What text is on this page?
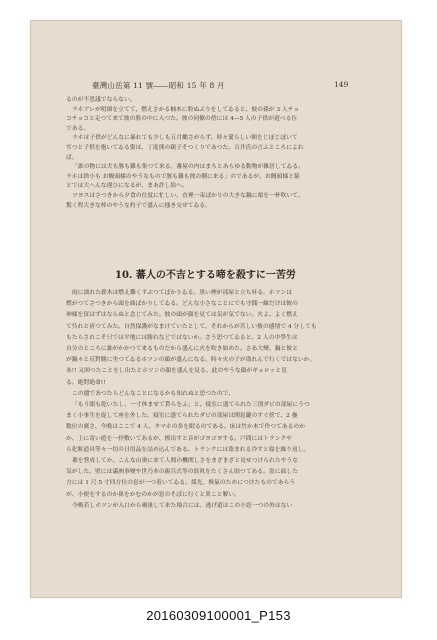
臺灣山岳第 11 號――昭和 15 年 8 月	149

るのが不思議でならない。

ラホアレが明細を立てて、燃えさかる柚木に股ぬぶりをしてゐると、彼の孫が 3 人チョ

コチョコと走つて来て彼の股の中に入つた。彼の同僚の傍には 4―5 人の子供が遊べる位

である。

ラホは子供がどんなに暴れても少しも五月蝿さがらず、時々愛らしい額をじぼじぼいて

ぢつと子供を抱いてゐる姿は、丁度熊の親子そつくりであつた。吉井氏の言ふところによれ

ば、

「誰の物には犬も豚も雞も集つて来る。蕃屋の内はまちとあらゆる動物が雑居してゐる。

ラホは捨小も お饅頭様のやうなもので豚も雞も彼の側に来る」のであるが、お饅頭様と猿

とでは大へんな違ひになるが、まあ許し給へ。

ツヨスはさつきから夕食の仕度に忙しい。直裡一束ばかりの大きな鍋に栗を一杯吹いて、

驚く程大きな棒のやうな杓子で盛んに搔き交ぜてゐる。

10. 蕃人の不吉とする啼を殺すに一苦労

雨に濡れた薪木は燃え難くすぶつてばかりゐる。黒い煙が部屋と立ち昇る。ホツンは

燃がつてさつきから頭を曲ばかりしてゐる。どんな小さなことにでも守銭一線だけは彼の

神様を買はずはならぬと念じてみた。彼の頭が顔を見ては気が気でない。火よ、よく燃え

て呉れと祈つてみた。自然保護がなまけていたとして、それからが苦しい彼の感情で 4 分しても

もたらされこそ只では平地には勝れなどではないか。さう思つてゐると、2 人の中學生は

自分のところに誰がかかつて来るものだから盛んに火を吹き始めた。さあ大變、鍋と彼と

が鍋々と反對側に坐つてゐるホツンの顔が盛んになる。時々火の子が盗れんで行くではないか。

あ!! 又困つたことをし出たとホツンの顔を盛んを見る、此のやうな顔がギョロッと見

る。絶對絶命!!

この儘であつたらどんなことになるかも知れぬと思つたので、

「もう眼も乾いたし、一寸休ませて貰らをふ」と、寝室に盛てられた三別ダビの部屋にうつ

まく小事生を促して座を外した。寝室に盛てられたダビの部屋は開窓鍵のすぐ傍で、2 疊

数位の廣さ、今晩はここで 4 人、タマホの多を眠るのである。床は竹か木で作つてあるのか

か、上に寄い遊を一拝敷いてあるが、擦出すと音がゴヨゴヨする。戸間にはトランクや

ら化粧道具等々一切の日用品を詰め込んである。トランクには盗まれる冷すと寝を繰り返し。

蕃を營成してか、こんな山奥に来て人間の機関しさをまざまざと見せつけられたやうな

気がした。壁には滿洲事變や世乃本の親兵式等の寫眞をたくさん貼つてある。窓に面した

方には 1 尺 5 寸四方位の窓が一つ着いてゐる。採光、換氣のためにつけたものであらう

が、小便をするのか鼻をかむのかが窓のそばに行くと異こと解い。

今晩若しホツンが入口から覗量して来た場合には、逃げ道はこの小窓一つの外はない

20160309100001_P153
